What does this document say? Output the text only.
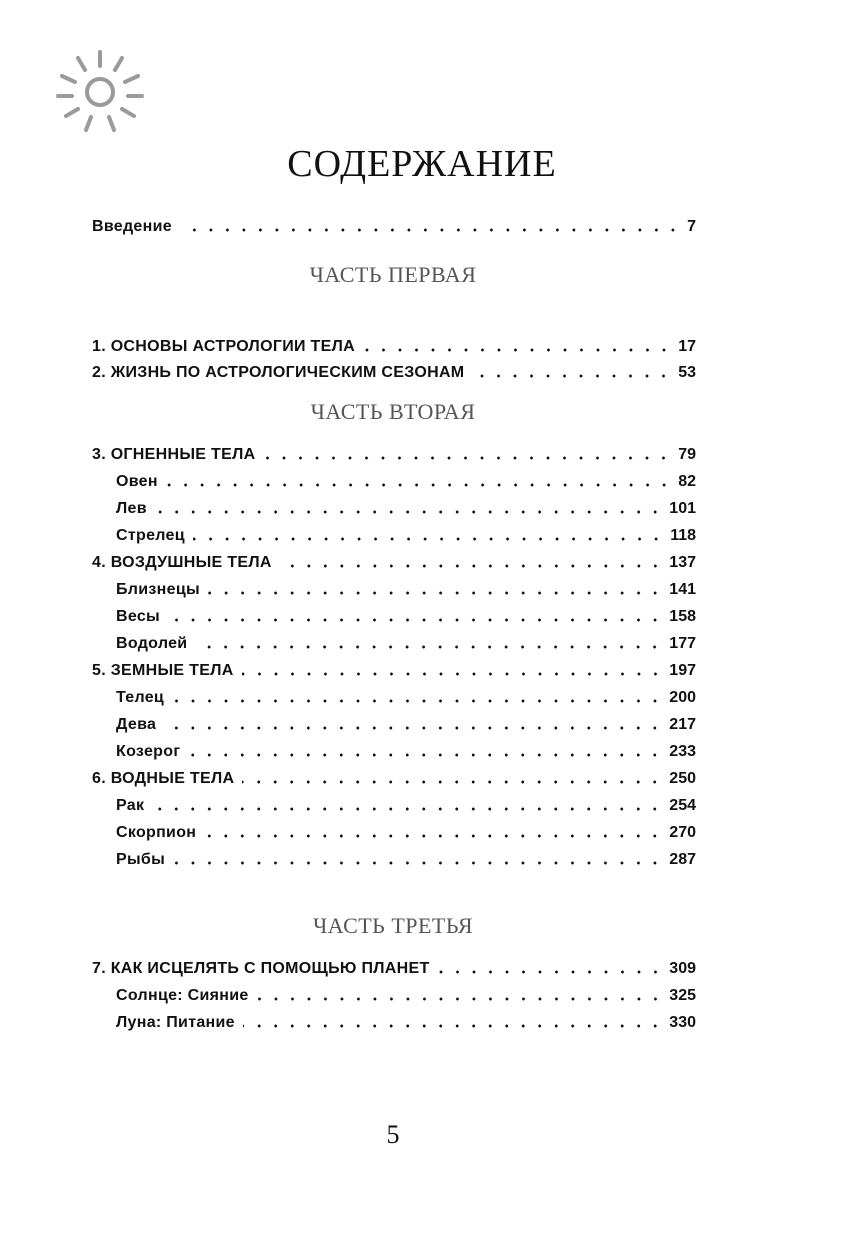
СОДЕРЖАНИЕ
Введение	7
ЧАСТЬ ПЕРВАЯ
1. ОСНОВЫ АСТРОЛОГИИ ТЕЛА	17
2. ЖИЗНЬ ПО АСТРОЛОГИЧЕСКИМ СЕЗОНАМ	53
ЧАСТЬ ВТОРАЯ
3. ОГНЕННЫЕ ТЕЛА	79
Овен	82
Лев	101
Стрелец	118
4. ВОЗДУШНЫЕ ТЕЛА	137
Близнецы	141
Весы	158
Водолей	177
5. ЗЕМНЫЕ ТЕЛА	197
Телец	200
Дева	217
Козерог	233
6. ВОДНЫЕ ТЕЛА	250
Рак	254
Скорпион	270
Рыбы	287
ЧАСТЬ ТРЕТЬЯ
7. КАК ИСЦЕЛЯТЬ С ПОМОЩЬЮ ПЛАНЕТ	309
Солнце: Сияние	325
Луна: Питание	330
5
